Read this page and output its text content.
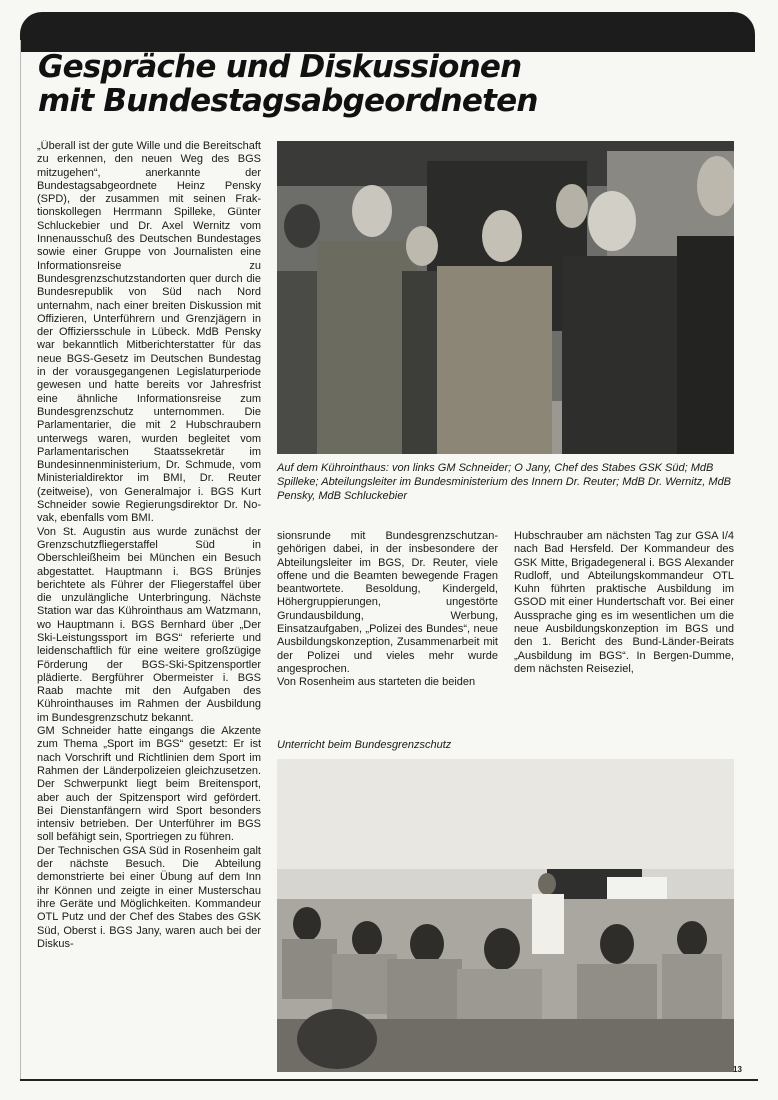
Gespräche und Diskussionen
mit Bundestagsabgeordneten

„Überall ist der gute Wille und die Bereitschaft zu erkennen, den neuen Weg des BGS mitzugehen“, anerkannte der Bundestagsabgeordnete Heinz Pensky (SPD), der zusammen mit seinen Fraktionskollegen Herrmann Spilleke, Günter Schluckebier und Dr. Axel Wernitz vom Innenausschuß des Deutschen Bundestages sowie einer Gruppe von Journalisten eine Informationsreise zu Bundesgrenzschutzstandorten quer durch die Bundesrepublik von Süd nach Nord unternahm, nach einer breiten Diskussion mit Offizieren, Unterführern und Grenzjägern in der Offiziersschule in Lübeck. MdB Pensky war bekanntlich Mitberichterstatter für das neue BGS-Gesetz im Deutschen Bundestag in der vorausgegangenen Legislaturperiode gewesen und hatte bereits vor Jahresfrist eine ähnliche Informationsreise zum Bundesgrenzschutz unternommen. Die Parlamentarier, die mit 2 Hubschraubern unterwegs waren, wurden begleitet vom Parlamentarischen Staatssekretär im Bundesinnenministerium, Dr. Schmude, vom Ministerialdirektor im BMI, Dr. Reuter (zeitweise), von Generalmajor i. BGS Kurt Schneider sowie Regierungsdirektor Dr. Novak, ebenfalls vom BMI.

Von St. Augustin aus wurde zunächst der Grenzschutzfliegerstaffel Süd in Oberschleißheim bei München ein Besuch abgestattet. Hauptmann i. BGS Brünjes berichtete als Führer der Fliegerstaffel über die unzulängliche Unterbringung. Nächste Station war das Kührointhaus am Watzmann, wo Hauptmann i. BGS Bernhard über „Der Ski-Leistungssport im BGS“ referierte und leidenschaftlich für eine weitere großzügige Förderung der BGS-Ski-Spitzensportler plädierte. Bergführer Obermeister i. BGS Raab machte mit den Aufgaben des Kührointhauses im Rahmen der Ausbildung im Bundesgrenzschutz bekannt.

GM Schneider hatte eingangs die Akzente zum Thema „Sport im BGS“ gesetzt: Er ist nach Vorschrift und Richtlinien dem Sport im Rahmen der Länderpolizeien gleichzusetzen. Der Schwerpunkt liegt beim Breitensport, aber auch der Spitzensport wird gefördert. Bei Dienstanfängern wird Sport besonders intensiv betrieben. Der Unterführer im BGS soll befähigt sein, Sportriegen zu führen.

Der Technischen GSA Süd in Rosenheim galt der nächste Besuch. Die Abteilung demonstrierte bei einer Übung auf dem Inn ihr Können und zeigte in einer Musterschau ihre Geräte und Möglichkeiten. Kommandeur OTL Putz und der Chef des Stabes des GSK Süd, Oberst i. BGS Jany, waren auch bei der Diskus-

Auf dem Kührointhaus: von links GM Schneider; O Jany, Chef des Stabes GSK Süd; MdB Spilleke; Abteilungsleiter im Bundesministerium des Innern Dr. Reuter; MdB Dr. Wernitz, MdB Pensky, MdB Schluckebier

sionsrunde mit Bundesgrenzschutzangehörigen dabei, in der insbesondere der Abteilungsleiter im BGS, Dr. Reuter, viele offene und die Beamten bewegende Fragen beantwortete. Besoldung, Kindergeld, Höhergruppierungen, ungestörte Grundausbildung, Werbung, Einsatzaufgaben, „Polizei des Bundes“, neue Ausbildungskonzeption, Zusammenarbeit mit der Polizei und vieles mehr wurde angesprochen.

Von Rosenheim aus starteten die beiden

Hubschrauber am nächsten Tag zur GSA I/4 nach Bad Hersfeld. Der Kommandeur des GSK Mitte, Brigadegeneral i. BGS Alexander Rudloff, und Abteilungskommandeur OTL Kuhn führten praktische Ausbildung im GSOD mit einer Hundertschaft vor. Bei einer Aussprache ging es im wesentlichen um die neue Ausbildungskonzeption im BGS und den 1. Bericht des Bund-Länder-Beirats „Ausbildung im BGS“. In Bergen-Dumme, dem nächsten Reiseziel,

Unterricht beim Bundesgrenzschutz
13
